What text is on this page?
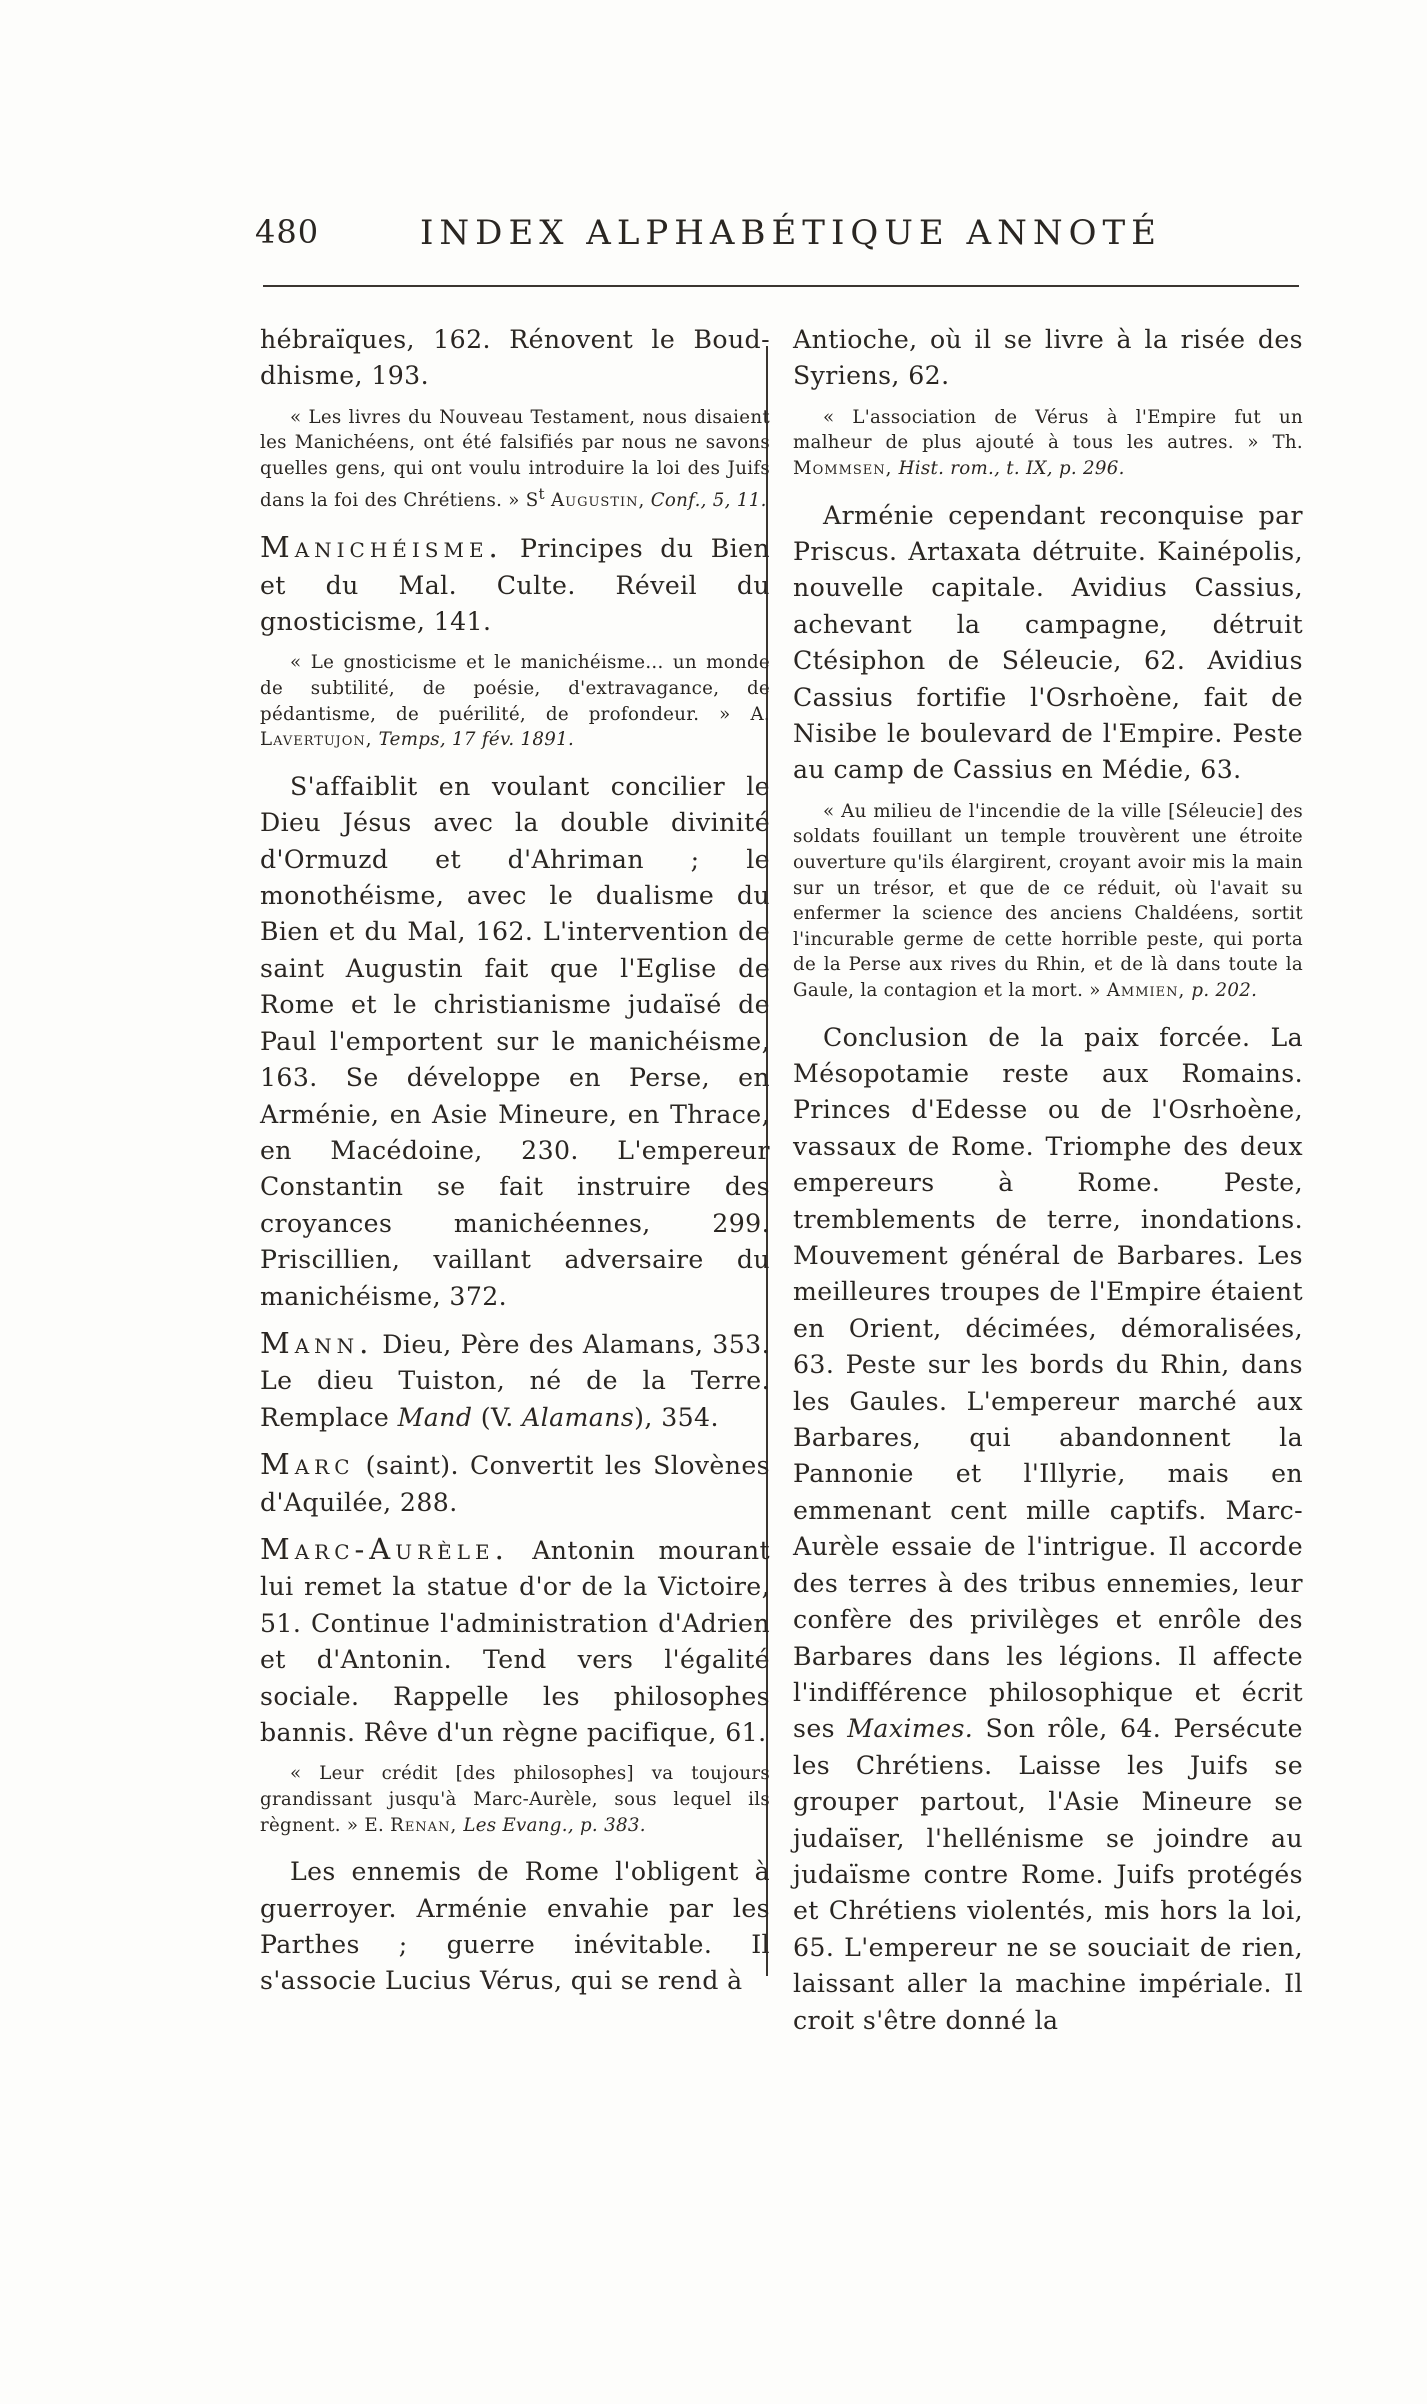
480	INDEX ALPHABÉTIQUE ANNOTÉ

hébraïques, 162. Rénovent le Boud-dhisme, 193.

« Les livres du Nouveau Testament, nous disaient les Manichéens, ont été falsifiés par nous ne savons quelles gens, qui ont voulu introduire la loi des Juifs dans la foi des Chrétiens. » $S^t$ Augustin, Conf., 5, 11.

Manichéisme. Principes du Bien et du Mal. Culte. Réveil du gnosticisme, 141.

« Le gnosticisme et le manichéisme... un monde de subtilité, de poésie, d'extravagance, de pédantisme, de puérilité, de profondeur. » A. Lavertujon, Temps, 17 fév. 1891.

S'affaiblit en voulant concilier le Dieu Jésus avec la double divinité d'Ormuzd et d'Ahriman ; le monothéisme, avec le dualisme du Bien et du Mal, 162. L'intervention de saint Augustin fait que l'Eglise de Rome et le christianisme judaïsé de Paul l'emportent sur le manichéisme, 163. Se développe en Perse, en Arménie, en Asie Mineure, en Thrace, en Macédoine, 230. L'empereur Constantin se fait instruire des croyances manichéennes, 299. Priscillien, vaillant adversaire du manichéisme, 372.

Mann. Dieu, Père des Alamans, 353. Le dieu Tuiston, né de la Terre. Remplace Mand (V. Alamans), 354.

Marc (saint). Convertit les Slovènes d'Aquilée, 288.

Marc-Aurèle. Antonin mourant lui remet la statue d'or de la Victoire, 51. Continue l'administration d'Adrien et d'Antonin. Tend vers l'égalité sociale. Rappelle les philosophes bannis. Rêve d'un règne pacifique, 61.

« Leur crédit [des philosophes] va toujours grandissant jusqu'à Marc-Aurèle, sous lequel ils règnent. » E. Renan, Les Evang., p. 383.

Les ennemis de Rome l'obligent à guerroyer. Arménie envahie par les Parthes ; guerre inévitable. Il s'associe Lucius Vérus, qui se rend à

Antioche, où il se livre à la risée des Syriens, 62.

« L'association de Vérus à l'Empire fut un malheur de plus ajouté à tous les autres. » Th. Mommsen, Hist. rom., t. IX, p. 296.

Arménie cependant reconquise par Priscus. Artaxata détruite. Kainépolis, nouvelle capitale. Avidius Cassius, achevant la campagne, détruit Ctésiphon de Séleucie, 62. Avidius Cassius fortifie l'Osrhoène, fait de Nisibe le boulevard de l'Empire. Peste au camp de Cassius en Médie, 63.

« Au milieu de l'incendie de la ville [Séleucie] des soldats fouillant un temple trouvèrent une étroite ouverture qu'ils élargirent, croyant avoir mis la main sur un trésor, et que de ce réduit, où l'avait su enfermer la science des anciens Chaldéens, sortit l'incurable germe de cette horrible peste, qui porta de la Perse aux rives du Rhin, et de là dans toute la Gaule, la contagion et la mort. » Ammien, p. 202.

Conclusion de la paix forcée. La Mésopotamie reste aux Romains. Princes d'Edesse ou de l'Osrhoène, vassaux de Rome. Triomphe des deux empereurs à Rome. Peste, tremblements de terre, inondations. Mouvement général de Barbares. Les meilleures troupes de l'Empire étaient en Orient, décimées, démoralisées, 63. Peste sur les bords du Rhin, dans les Gaules. L'empereur marché aux Barbares, qui abandonnent la Pannonie et l'Illyrie, mais en emmenant cent mille captifs. Marc-Aurèle essaie de l'intrigue. Il accorde des terres à des tribus ennemies, leur confère des privilèges et enrôle des Barbares dans les légions. Il affecte l'indifférence philosophique et écrit ses Maximes. Son rôle, 64. Persécute les Chrétiens. Laisse les Juifs se grouper partout, l'Asie Mineure se judaïser, l'hellénisme se joindre au judaïsme contre Rome. Juifs protégés et Chrétiens violentés, mis hors la loi, 65. L'empereur ne se souciait de rien, laissant aller la machine impériale. Il croit s'être donné la
